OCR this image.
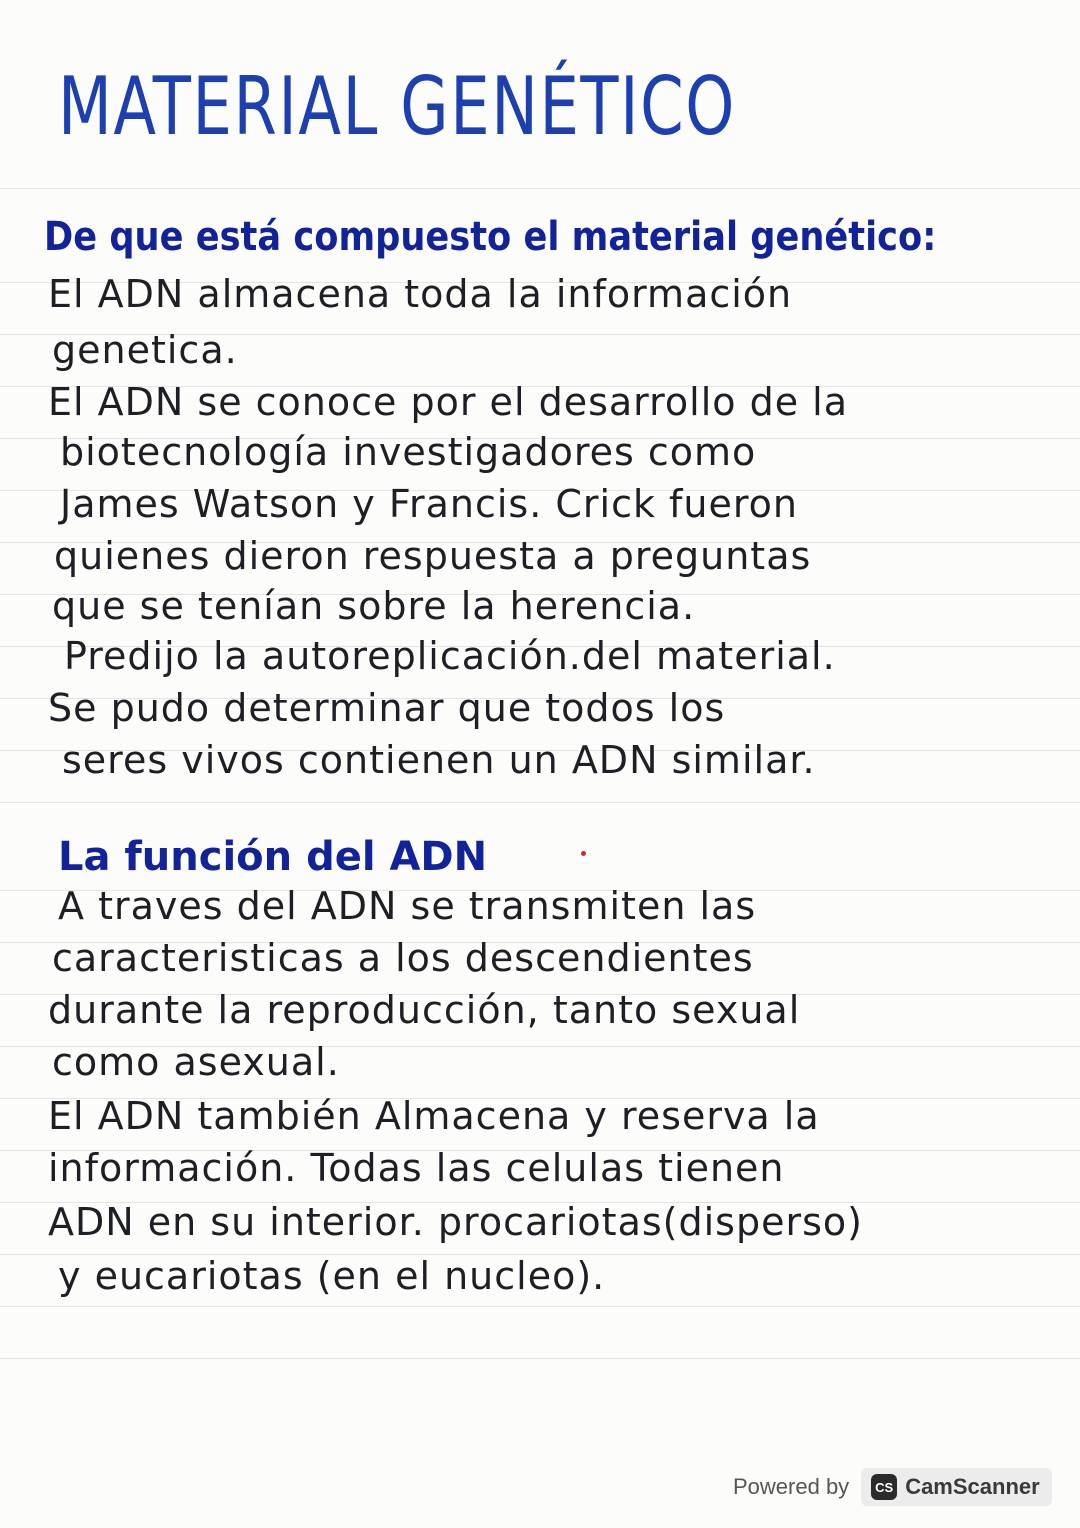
MATERIAL GENÉTICO
De que está compuesto el material genético:
El ADN almacena toda la información
genetica.
El ADN se conoce por el desarrollo de la
biotecnología investigadores como
James Watson y Francis. Crick fueron
quienes dieron respuesta a preguntas
que se tenían sobre la herencia.
Predijo la autoreplicación.del material.
Se pudo determinar que todos los
seres vivos contienen un ADN similar.
La función del ADN
A traves del ADN se transmiten las
caracteristicas a los descendientes
durante la reproducción, tanto sexual
como asexual.
El ADN también Almacena y reserva la
información. Todas las celulas tienen
ADN en su interior. procariotas(disperso)
y eucariotas (en el nucleo).
Powered by	CS CamScanner
